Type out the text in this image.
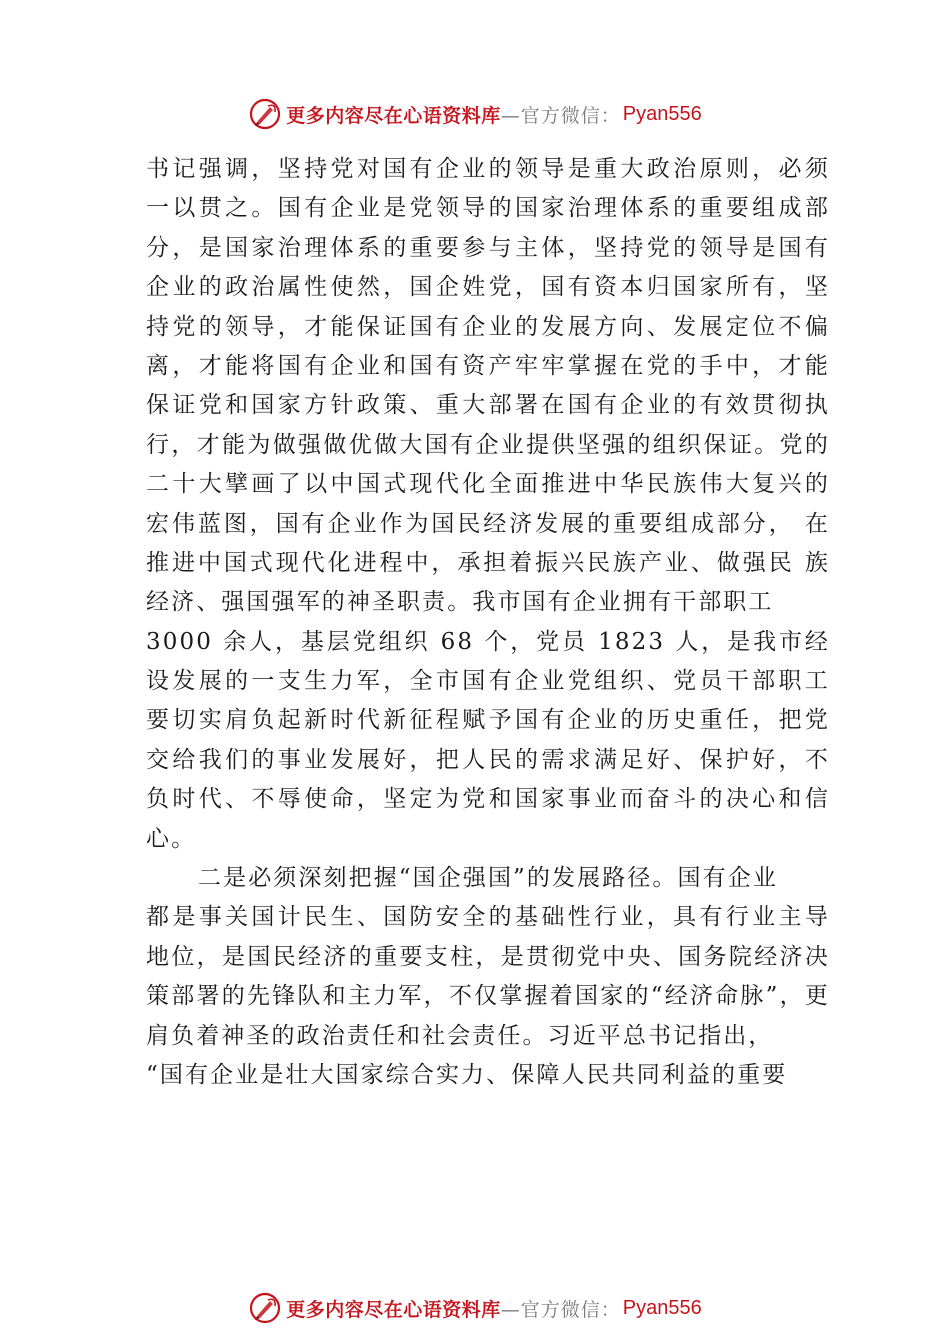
更多内容尽在心语资料库 —官方微信： Pyan556
书记强调，坚持党对国有企业的领导是重大政治原则，必须
一以贯之。国有企业是党领导的国家治理体系的重要组成部
分，是国家治理体系的重要参与主体，坚持党的领导是国有
企业的政治属性使然，国企姓党，国有资本归国家所有，坚
持党的领导，才能保证国有企业的发展方向、发展定位不偏
离，才能将国有企业和国有资产牢牢掌握在党的手中，才能
保证党和国家方针政策、重大部署在国有企业的有效贯彻执
行，才能为做强做优做大国有企业提供坚强的组织保证。党的
二十大擘画了以中国式现代化全面推进中华民族伟大复兴的
宏伟蓝图，国有企业作为国民经济发展的重要组成部分， 在
推进中国式现代化进程中，承担着振兴民族产业、做强民 族
经济、强国强军的神圣职责。我市国有企业拥有干部职工
3000 余人，基层党组织 68 个，党员 1823 人，是我市经
设发展的一支生力军，全市国有企业党组织、党员干部职工
要切实肩负起新时代新征程赋予国有企业的历史重任，把党
交给我们的事业发展好，把人民的需求满足好、保护好，不
负时代、不辱使命，坚定为党和国家事业而奋斗的决心和信
心。
二是必须深刻把握“国企强国”的发展路径。国有企业
都是事关国计民生、国防安全的基础性行业，具有行业主导
地位，是国民经济的重要支柱，是贯彻党中央、国务院经济决
策部署的先锋队和主力军，不仅掌握着国家的“经济命脉”，更
肩负着神圣的政治责任和社会责任。习近平总书记指出，
“国有企业是壮大国家综合实力、保障人民共同利益的重要
更多内容尽在心语资料库 —官方微信： Pyan556
